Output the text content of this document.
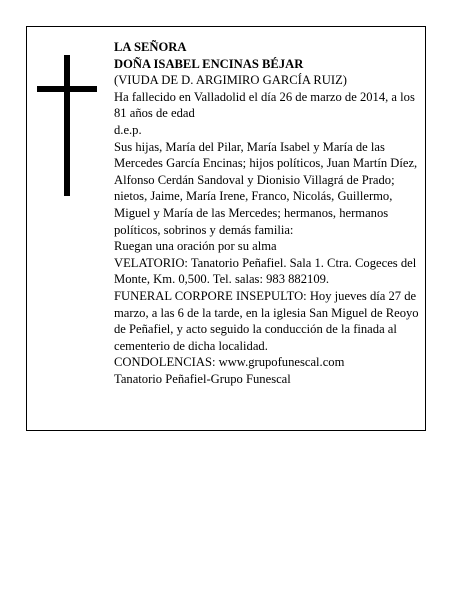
LA SEÑORA

DOÑA ISABEL ENCINAS BÉJAR

(VIUDA DE D. ARGIMIRO GARCÍA RUIZ)

Ha fallecido en Valladolid el día 26 de marzo de 2014, a los 81 años de edad

d.e.p.

Sus hijas, María del Pilar, María Isabel y María de las Mercedes García Encinas; hijos políticos, Juan Martín Díez, Alfonso Cerdán Sandoval y Dionisio Villagrá de Prado; nietos, Jaime, María Irene, Franco, Nicolás, Guillermo, Miguel y María de las Mercedes; hermanos, hermanos políticos, sobrinos y demás familia:

Ruegan una oración por su alma

VELATORIO: Tanatorio Peñafiel. Sala 1. Ctra. Cogeces del Monte, Km. 0,500. Tel. salas: 983 882109.

FUNERAL CORPORE INSEPULTO: Hoy jueves día 27 de marzo, a las 6 de la tarde, en la iglesia San Miguel de Reoyo de Peñafiel, y acto seguido la conducción de la finada al cementerio de dicha localidad.

CONDOLENCIAS: www.grupofunescal.com

Tanatorio Peñafiel-Grupo Funescal
